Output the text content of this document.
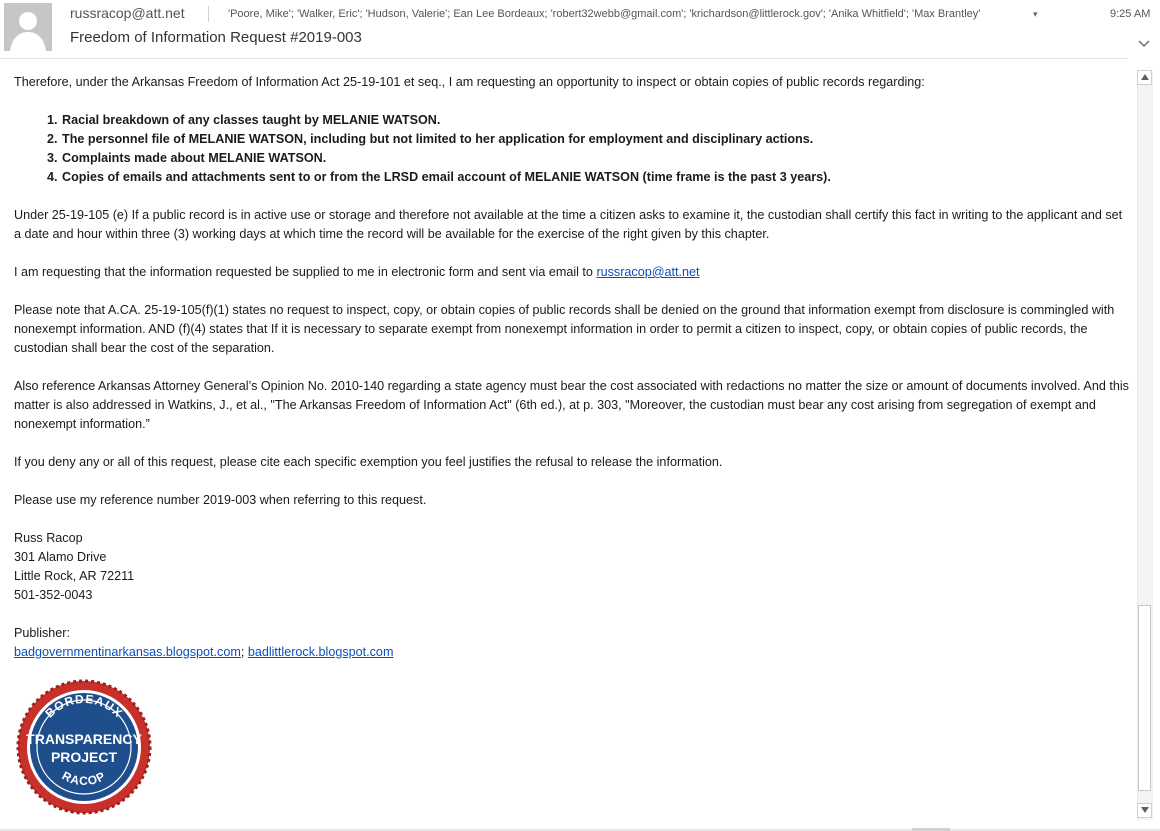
russracop@att.net	'Poore, Mike'; 'Walker, Eric'; 'Hudson, Valerie'; Ean Lee Bordeaux; 'robert32webb@gmail.com'; 'krichardson@littlerock.gov'; 'Anika Whitfield'; 'Max Brantley'	▾	9:25 AM
Freedom of Information Request #2019-003

Therefore, under the Arkansas Freedom of Information Act 25-19-101 et seq., I am requesting an opportunity to inspect or obtain copies of public records regarding:

1. Racial breakdown of any classes taught by MELANIE WATSON.
2. The personnel file of MELANIE WATSON, including but not limited to her application for employment and disciplinary actions.
3. Complaints made about MELANIE WATSON.
4. Copies of emails and attachments sent to or from the LRSD email account of MELANIE WATSON (time frame is the past 3 years).

Under 25-19-105 (e) If a public record is in active use or storage and therefore not available at the time a citizen asks to examine it, the custodian shall certify this fact in writing to the applicant and set a date and hour within three (3) working days at which time the record will be available for the exercise of the right given by this chapter.

I am requesting that the information requested be supplied to me in electronic form and sent via email to russracop@att.net

Please note that A.CA. 25-19-105(f)(1) states no request to inspect, copy, or obtain copies of public records shall be denied on the ground that information exempt from disclosure is commingled with nonexempt information. AND (f)(4) states that If it is necessary to separate exempt from nonexempt information in order to permit a citizen to inspect, copy, or obtain copies of public records, the custodian shall bear the cost of the separation.

Also reference Arkansas Attorney General’s Opinion No. 2010-140 regarding a state agency must bear the cost associated with redactions no matter the size or amount of documents involved. And this matter is also addressed in Watkins, J., et al., "The Arkansas Freedom of Information Act" (6th ed.), at p. 303, "Moreover, the custodian must bear any cost arising from segregation of exempt and nonexempt information.”

If you deny any or all of this request, please cite each specific exemption you feel justifies the refusal to release the information.

Please use my reference number 2019-003 when referring to this request.

Russ Racop
301 Alamo Drive
Little Rock, AR 72211
501-352-0043
Publisher:
badgovernmentinarkansas.blogspot.com; badlittlerock.blogspot.com
BORDEAUX
TRANSPARENCY
PROJECT
RACOP
